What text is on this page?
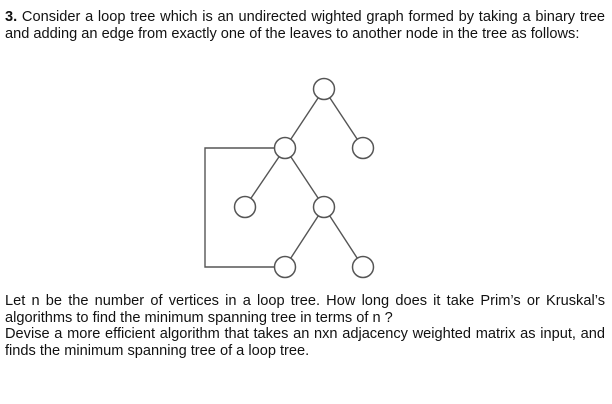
3. Consider a loop tree which is an undirected wighted graph formed by taking a binary tree and adding an edge from exactly one of the leaves to another node in the tree as follows:

Let n be the number of vertices in a loop tree. How long does it take Prim’s or Kruskal’s algorithms to find the minimum spanning tree in terms of n ?

Devise a more efficient algorithm that takes an nxn adjacency weighted matrix as input, and finds the minimum spanning tree of a loop tree.
